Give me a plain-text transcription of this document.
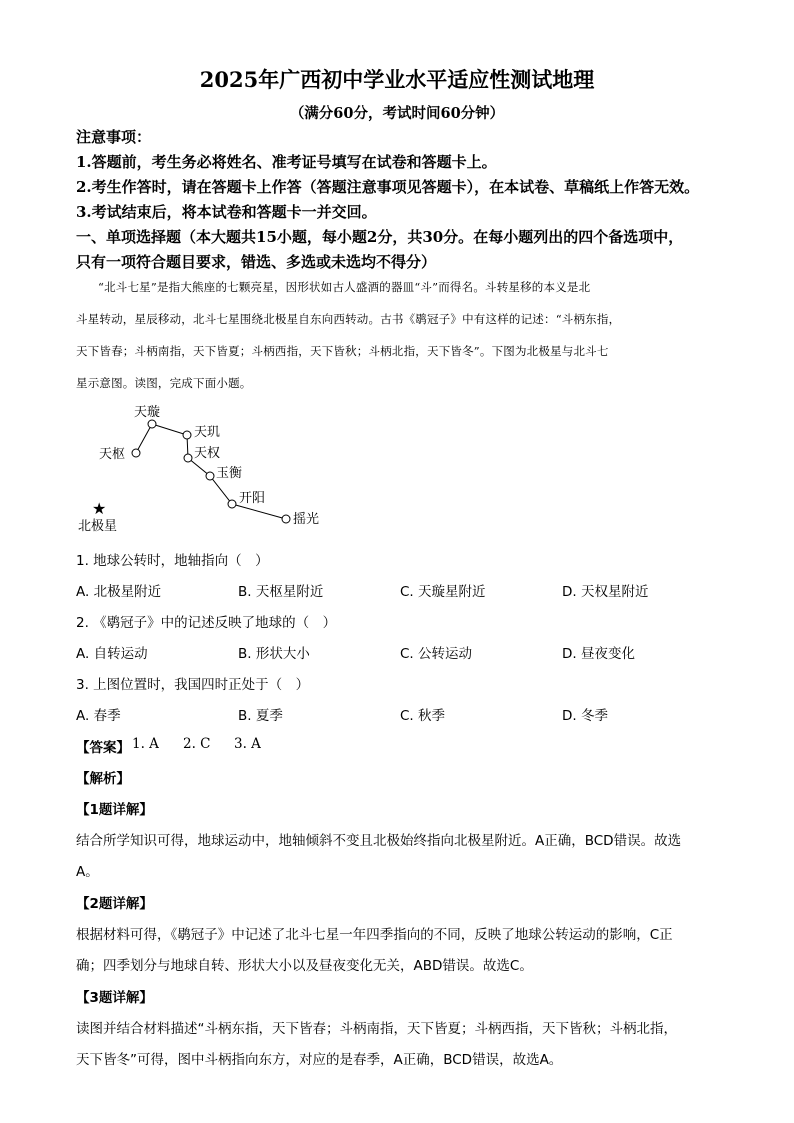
2025年广西初中学业水平适应性测试地理
（满分60分，考试时间60分钟）
注意事项：
1.答题前，考生务必将姓名、准考证号填写在试卷和答题卡上。
2.考生作答时，请在答题卡上作答（答题注意事项见答题卡），在本试卷、草稿纸上作答无效。
3.考试结束后，将本试卷和答题卡一并交回。
一、单项选择题（本大题共15小题，每小题2分，共30分。在每小题列出的四个备选项中，
只有一项符合题目要求，错选、多选或未选均不得分）
“北斗七星”是指大熊座的七颗亮星，因形状如古人盛酒的器皿“斗”而得名。斗转星移的本义是北
斗星转动，星辰移动，北斗七星围绕北极星自东向西转动。古书《鹖冠子》中有这样的记述：“斗柄东指，
天下皆春；斗柄南指，天下皆夏；斗柄西指，天下皆秋；斗柄北指，天下皆冬”。下图为北极星与北斗七
星示意图。读图，完成下面小题。
天璇
天玑
天枢	天权
玉衡
开阳
摇光
★
北极星
1. 地球公转时，地轴指向（　）
A. 北极星附近	B. 天枢星附近	C. 天璇星附近	D. 天权星附近
2. 《鹖冠子》中的记述反映了地球的（　）
A. 自转运动	B. 形状大小	C. 公转运动	D. 昼夜变化
3. 上图位置时，我国四时正处于（　）
A. 春季	B. 夏季	C. 秋季	D. 冬季
【答案】 1. A 2. C 3. A
【解析】
【1题详解】
结合所学知识可得，地球运动中，地轴倾斜不变且北极始终指向北极星附近。A正确，BCD错误。故选
A。
【2题详解】
根据材料可得，《鹖冠子》中记述了北斗七星一年四季指向的不同，反映了地球公转运动的影响，C正
确；四季划分与地球自转、形状大小以及昼夜变化无关，ABD错误。故选C。
【3题详解】
读图并结合材料描述“斗柄东指，天下皆春；斗柄南指，天下皆夏；斗柄西指，天下皆秋；斗柄北指，
天下皆冬”可得，图中斗柄指向东方，对应的是春季，A正确，BCD错误，故选A。
